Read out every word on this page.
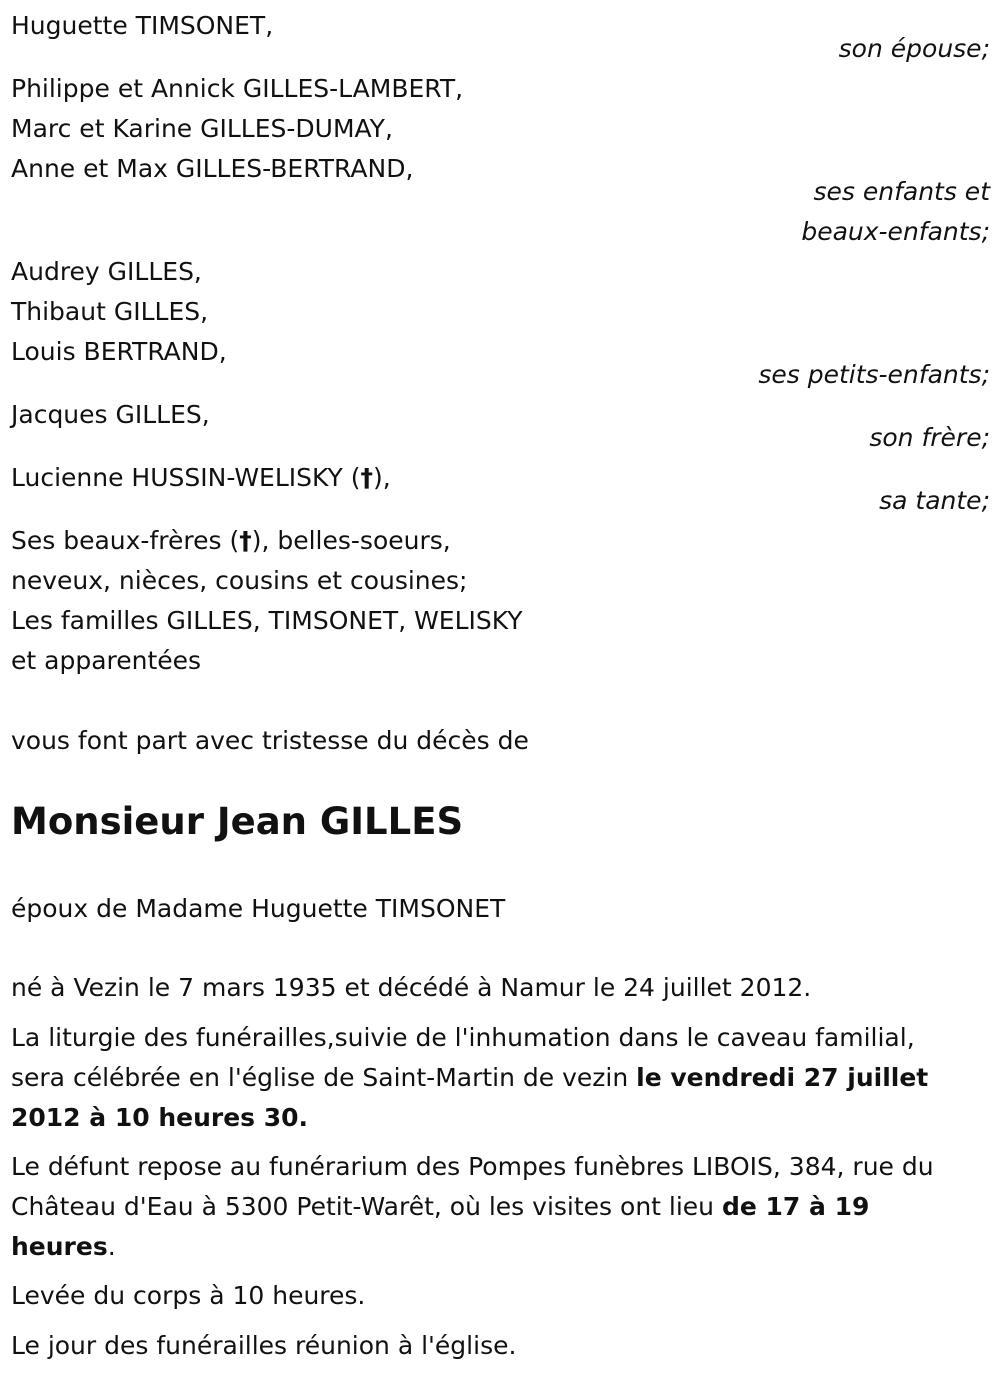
Huguette TIMSONET,
son épouse;
Philippe et Annick GILLES-LAMBERT,
Marc et Karine GILLES-DUMAY,
Anne et Max GILLES-BERTRAND,
ses enfants et
beaux-enfants;
Audrey GILLES,
Thibaut GILLES,
Louis BERTRAND,
ses petits-enfants;
Jacques GILLES,
son frère;
Lucienne HUSSIN-WELISKY (†),
sa tante;
Ses beaux-frères (†), belles-soeurs,
neveux, nièces, cousins et cousines;
Les familles GILLES, TIMSONET, WELISKY
et apparentées
vous font part avec tristesse du décès de
Monsieur Jean GILLES
époux de Madame Huguette TIMSONET
né à Vezin le 7 mars 1935 et décédé à Namur le 24 juillet 2012.
La liturgie des funérailles,suivie de l'inhumation dans le caveau familial, sera célébrée en l'église de Saint-Martin de vezin le vendredi 27 juillet 2012 à 10 heures 30.
Le défunt repose au funérarium des Pompes funèbres LIBOIS, 384, rue du Château d'Eau à 5300 Petit-Warêt, où les visites ont lieu de 17 à 19 heures.
Levée du corps à 10 heures.
Le jour des funérailles réunion à l'église.
